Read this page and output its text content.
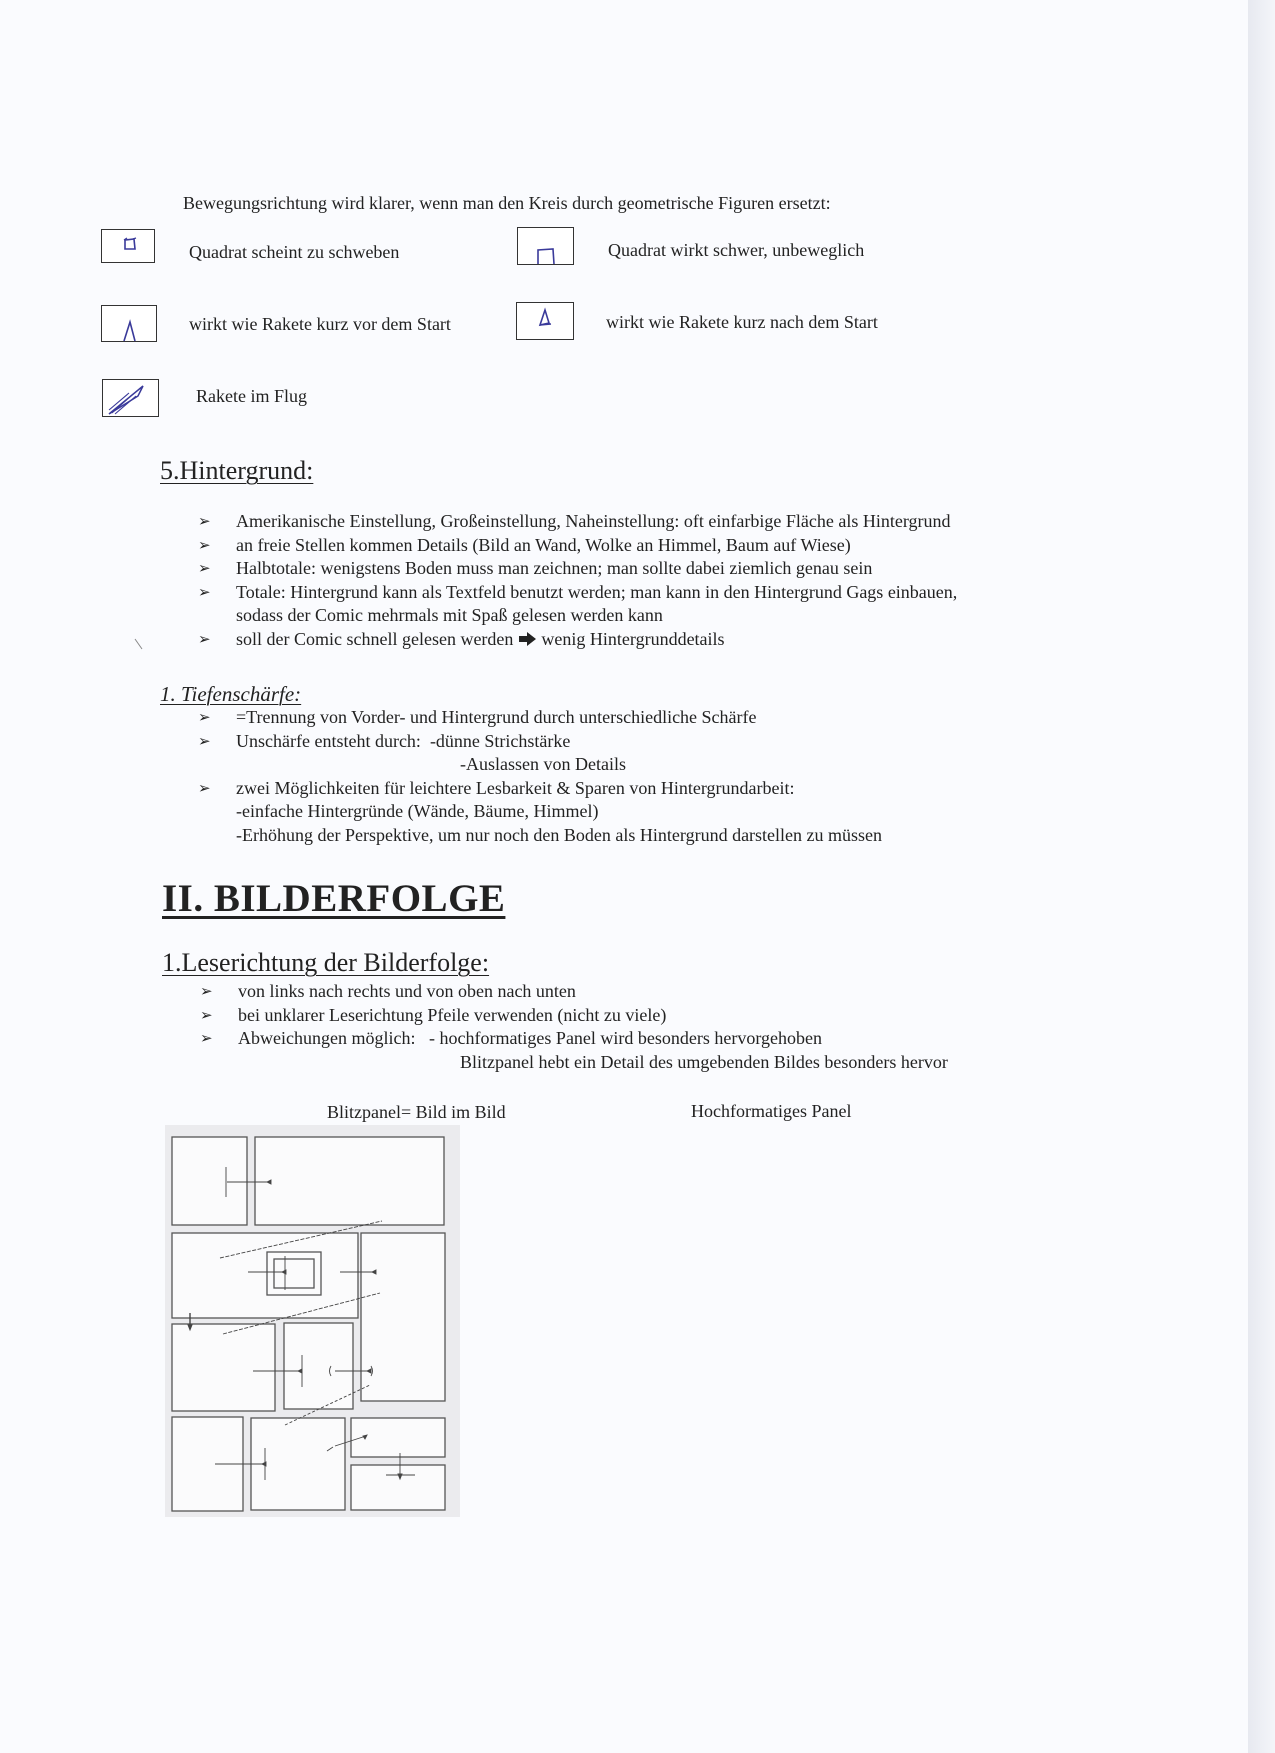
Bewegungsrichtung wird klarer, wenn man den Kreis durch geometrische Figuren ersetzt:
Quadrat scheint zu schweben	Quadrat wirkt schwer, unbeweglich
wirkt wie Rakete kurz vor dem Start	wirkt wie Rakete kurz nach dem Start
Rakete im Flug
5.Hintergrund:
➢ Amerikanische Einstellung, Großeinstellung, Naheinstellung: oft einfarbige Fläche als Hintergrund
➢ an freie Stellen kommen Details (Bild an Wand, Wolke an Himmel, Baum auf Wiese)
➢ Halbtotale: wenigstens Boden muss man zeichnen; man sollte dabei ziemlich genau sein
➢ Totale: Hintergrund kann als Textfeld benutzt werden; man kann in den Hintergrund Gags einbauen,
sodass der Comic mehrmals mit Spaß gelesen werden kann
➢ soll der Comic schnell gelesen werden wenig Hintergrunddetails
1. Tiefenschärfe:
➢ =Trennung von Vorder- und Hintergrund durch unterschiedliche Schärfe
➢ Unschärfe entsteht durch: -dünne Strichstärke
-Auslassen von Details
➢ zwei Möglichkeiten für leichtere Lesbarkeit & Sparen von Hintergrundarbeit:
-einfache Hintergründe (Wände, Bäume, Himmel)
-Erhöhung der Perspektive, um nur noch den Boden als Hintergrund darstellen zu müssen
II. BILDERFOLGE
1.Leserichtung der Bilderfolge:
➢ von links nach rechts und von oben nach unten
➢ bei unklarer Leserichtung Pfeile verwenden (nicht zu viele)
➢ Abweichungen möglich: - hochformatiges Panel wird besonders hervorgehoben
Blitzpanel hebt ein Detail des umgebenden Bildes besonders hervor
Blitzpanel= Bild im Bild	Hochformatiges Panel
